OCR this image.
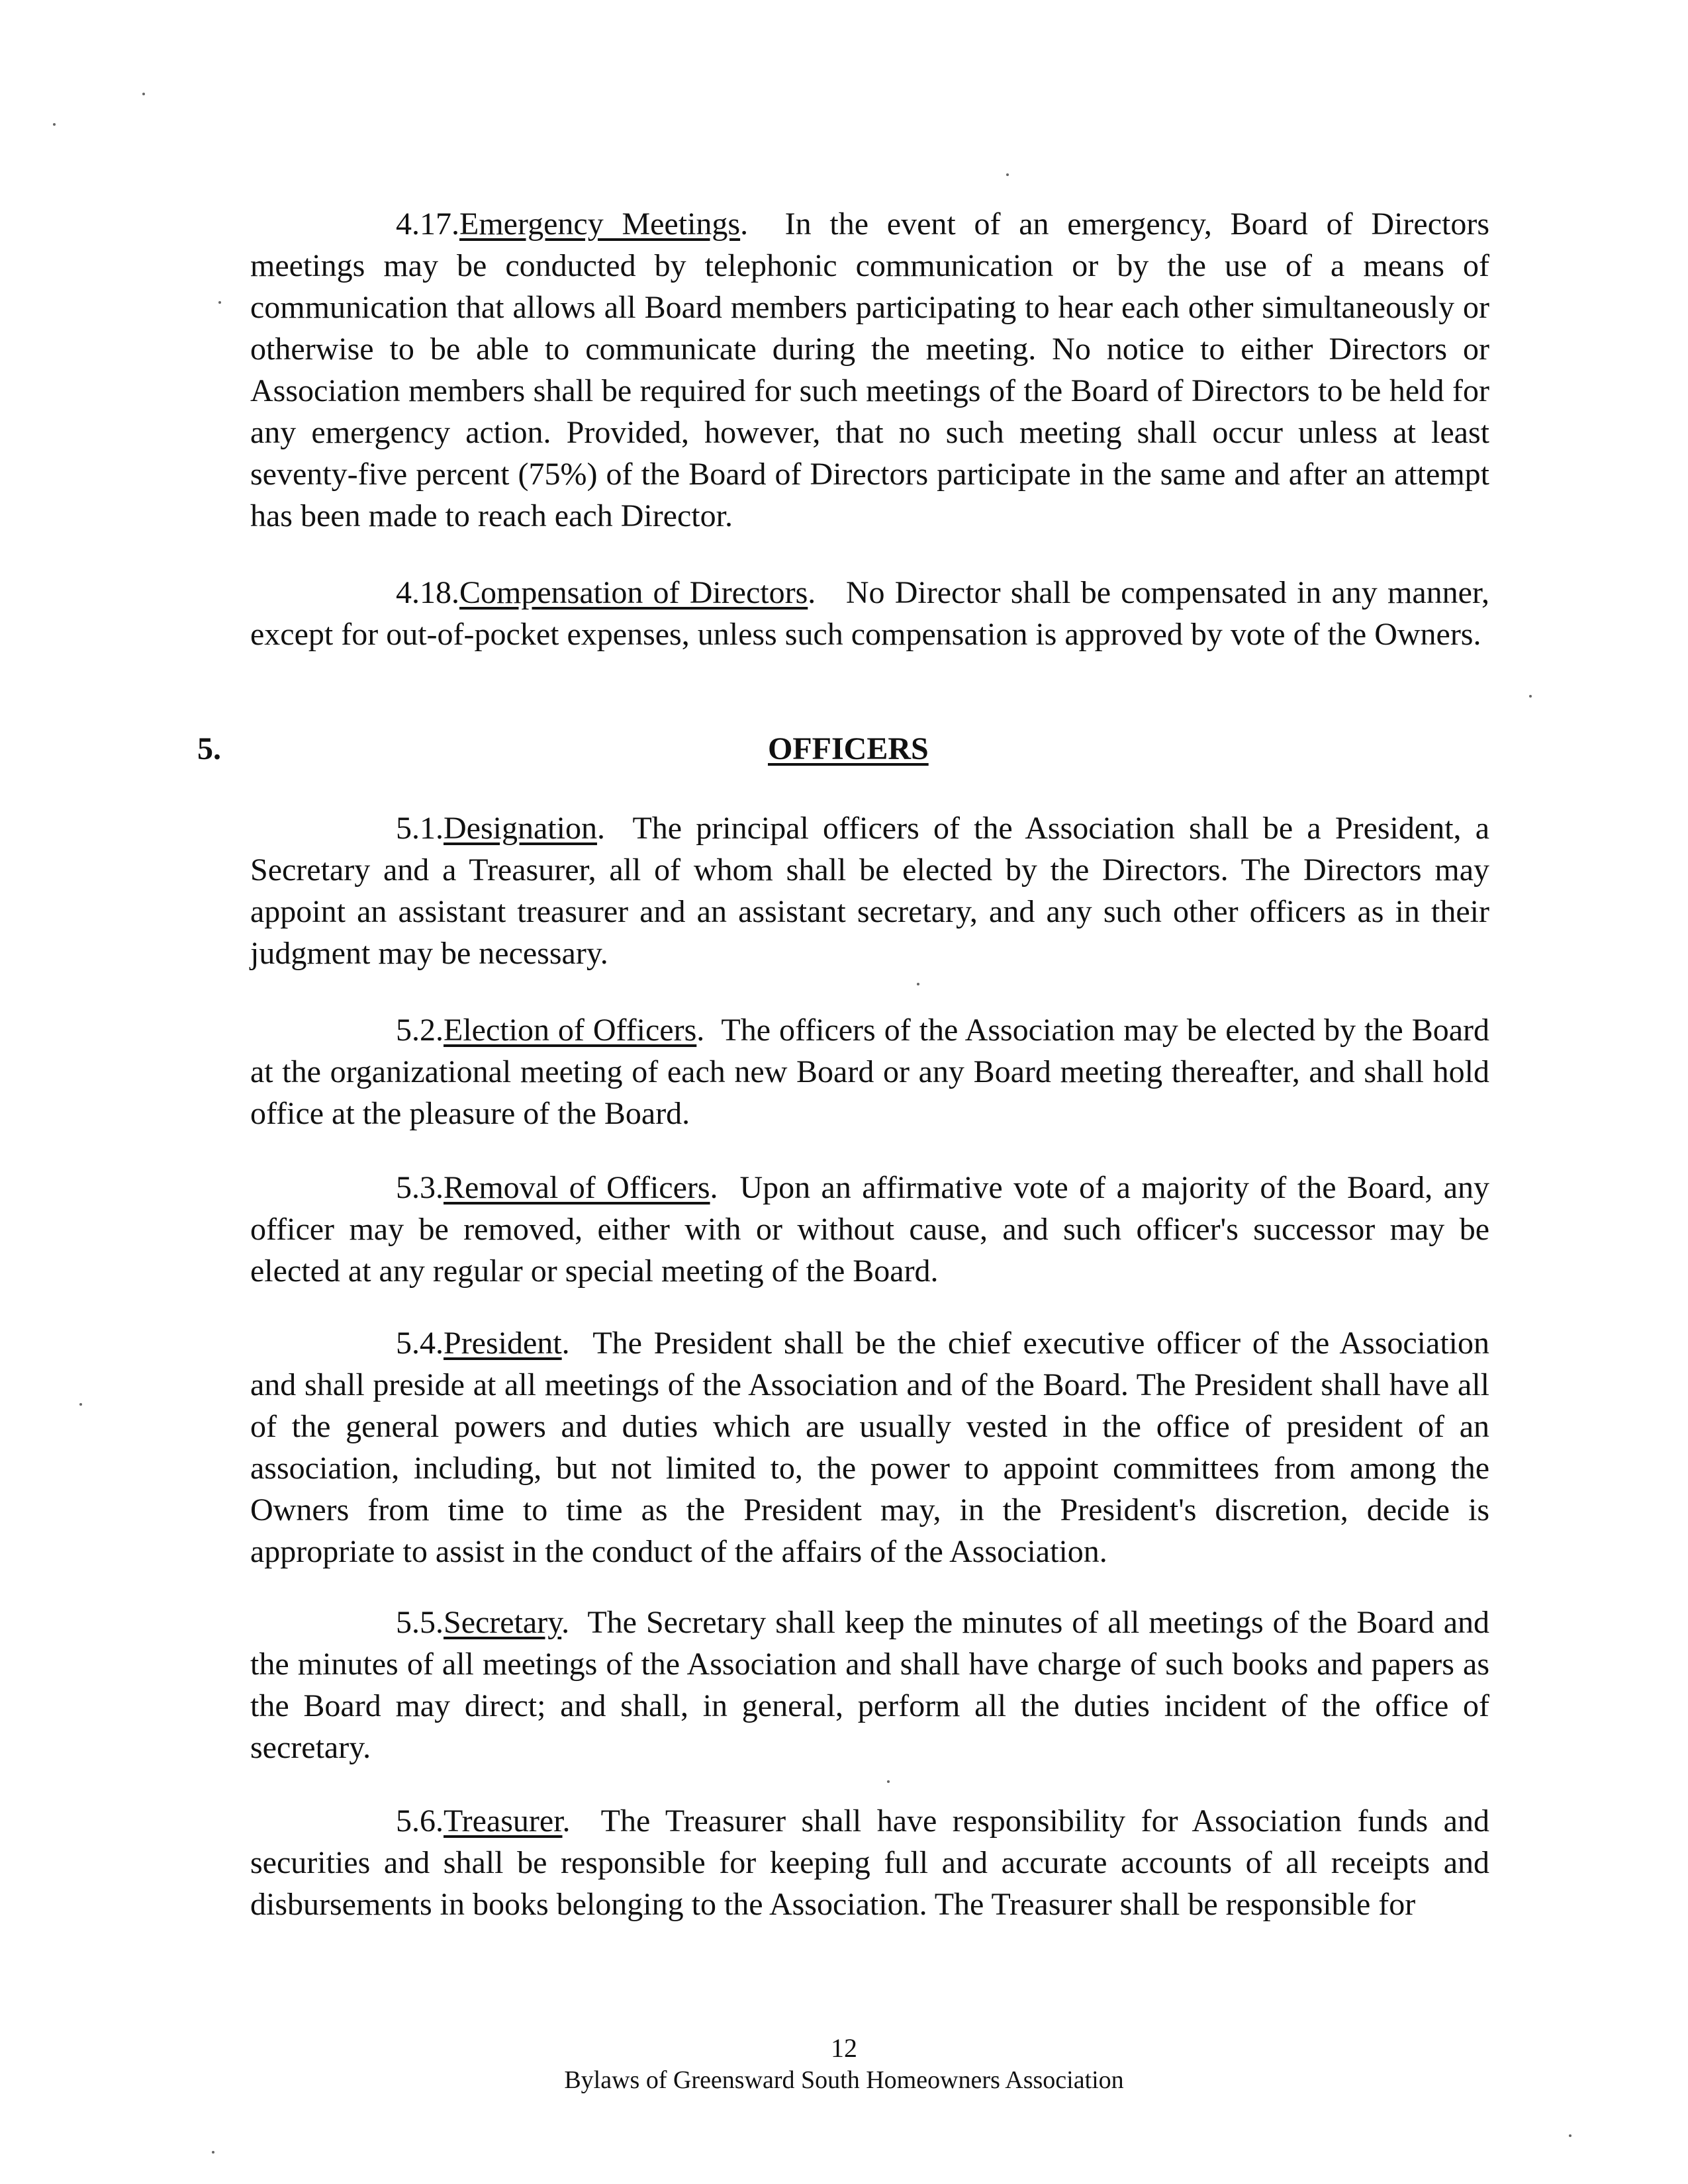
4.17.Emergency Meetings. In the event of an emergency, Board of Directors meetings may be conducted by telephonic communication or by the use of a means of communication that allows all Board members participating to hear each other simultaneously or otherwise to be able to communicate during the meeting. No notice to either Directors or Association members shall be required for such meetings of the Board of Directors to be held for any emergency action. Provided, however, that no such meeting shall occur unless at least seventy-five percent (75%) of the Board of Directors participate in the same and after an attempt has been made to reach each Director.

4.18.Compensation of Directors. No Director shall be compensated in any manner, except for out-of-pocket expenses, unless such compensation is approved by vote of the Owners.

5.	OFFICERS

5.1.Designation. The principal officers of the Association shall be a President, a Secretary and a Treasurer, all of whom shall be elected by the Directors. The Directors may appoint an assistant treasurer and an assistant secretary, and any such other officers as in their judgment may be necessary.

5.2.Election of Officers. The officers of the Association may be elected by the Board at the organizational meeting of each new Board or any Board meeting thereafter, and shall hold office at the pleasure of the Board.

5.3.Removal of Officers. Upon an affirmative vote of a majority of the Board, any officer may be removed, either with or without cause, and such officer's successor may be elected at any regular or special meeting of the Board.

5.4.President. The President shall be the chief executive officer of the Association and shall preside at all meetings of the Association and of the Board. The President shall have all of the general powers and duties which are usually vested in the office of president of an association, including, but not limited to, the power to appoint committees from among the Owners from time to time as the President may, in the President's discretion, decide is appropriate to assist in the conduct of the affairs of the Association.

5.5.Secretary. The Secretary shall keep the minutes of all meetings of the Board and the minutes of all meetings of the Association and shall have charge of such books and papers as the Board may direct; and shall, in general, perform all the duties incident of the office of secretary.

5.6.Treasurer. The Treasurer shall have responsibility for Association funds and securities and shall be responsible for keeping full and accurate accounts of all receipts and disbursements in books belonging to the Association. The Treasurer shall be responsible for

12
Bylaws of Greensward South Homeowners Association
